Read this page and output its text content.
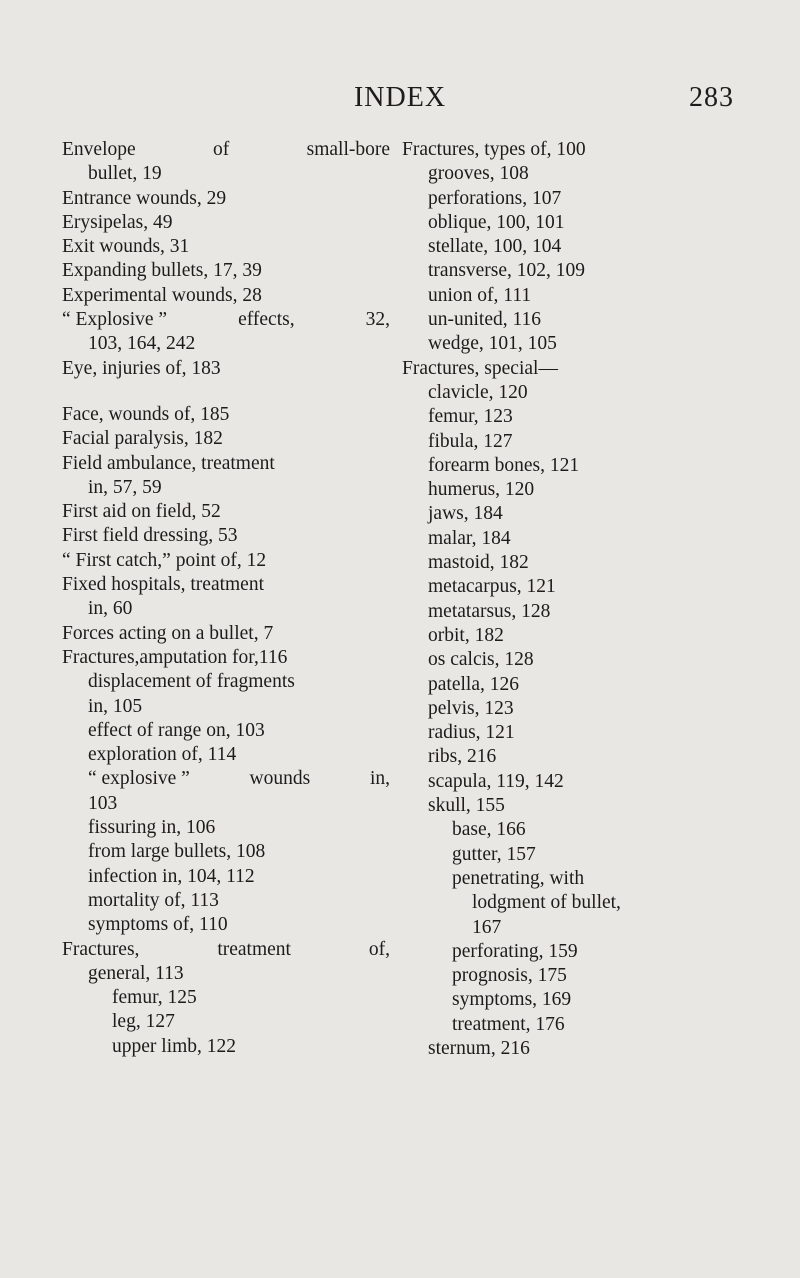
INDEX	283
Envelope	of	small-bore
bullet, 19
Entrance wounds, 29
Erysipelas, 49
Exit wounds, 31
Expanding bullets, 17, 39
Experimental wounds, 28
“ Explosive ”	effects,	32,
103, 164, 242
Eye, injuries of, 183
Face, wounds of, 185
Facial paralysis, 182
Field ambulance, treatment
in, 57, 59
First aid on field, 52
First field dressing, 53
“ First catch,” point of, 12
Fixed hospitals, treatment
in, 60
Forces acting on a bullet, 7
Fractures,amputation for,116
displacement of fragments
in, 105
effect of range on, 103
exploration of, 114
“ explosive ”	wounds	in,
103
fissuring in, 106
from large bullets, 108
infection in, 104, 112
mortality of, 113
symptoms of, 110
Fractures,	treatment	of,
general, 113
femur, 125
leg, 127
upper limb, 122
Fractures, types of, 100
grooves, 108
perforations, 107
oblique, 100, 101
stellate, 100, 104
transverse, 102, 109
union of, 111
un-united, 116
wedge, 101, 105
Fractures, special—
clavicle, 120
femur, 123
fibula, 127
forearm bones, 121
humerus, 120
jaws, 184
malar, 184
mastoid, 182
metacarpus, 121
metatarsus, 128
orbit, 182
os calcis, 128
patella, 126
pelvis, 123
radius, 121
ribs, 216
scapula, 119, 142
skull, 155
base, 166
gutter, 157
penetrating, with
lodgment of bullet,
167
perforating, 159
prognosis, 175
symptoms, 169
treatment, 176
sternum, 216
